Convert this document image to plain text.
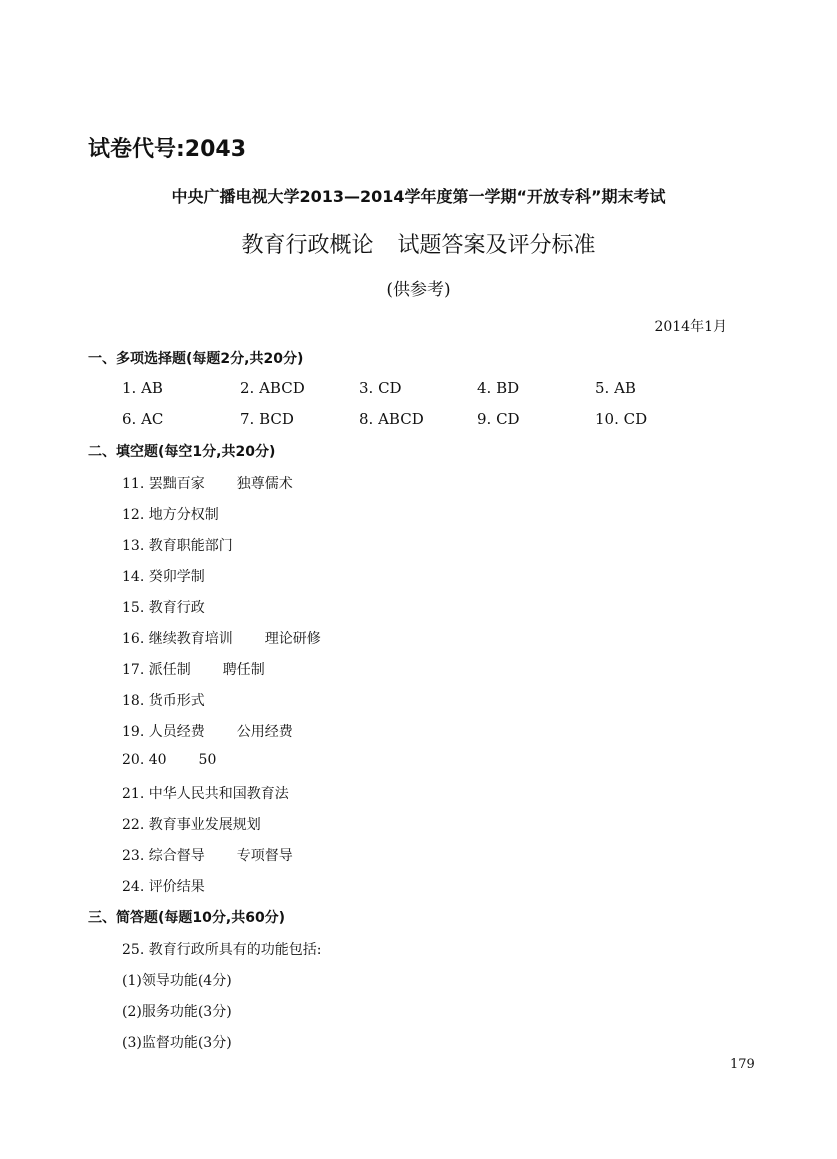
试卷代号:2043
中央广播电视大学2013—2014学年度第一学期“开放专科”期末考试
教育行政概论 试题答案及评分标准
(供参考)
2014年1月
一、多项选择题(每题2分,共20分)
1. AB	2. ABCD	3. CD	4. BD	5. AB
6. AC	7. BCD	8. ABCD	9. CD	10. CD
二、填空题(每空1分,共20分)
11. 罢黜百家 独尊儒术
12. 地方分权制
13. 教育职能部门
14. 癸卯学制
15. 教育行政
16. 继续教育培训 理论研修
17. 派任制 聘任制
18. 货币形式
19. 人员经费 公用经费
20. 40 50
21. 中华人民共和国教育法
22. 教育事业发展规划
23. 综合督导 专项督导
24. 评价结果
三、简答题(每题10分,共60分)
25. 教育行政所具有的功能包括:
(1)领导功能(4分)
(2)服务功能(3分)
(3)监督功能(3分)
179
